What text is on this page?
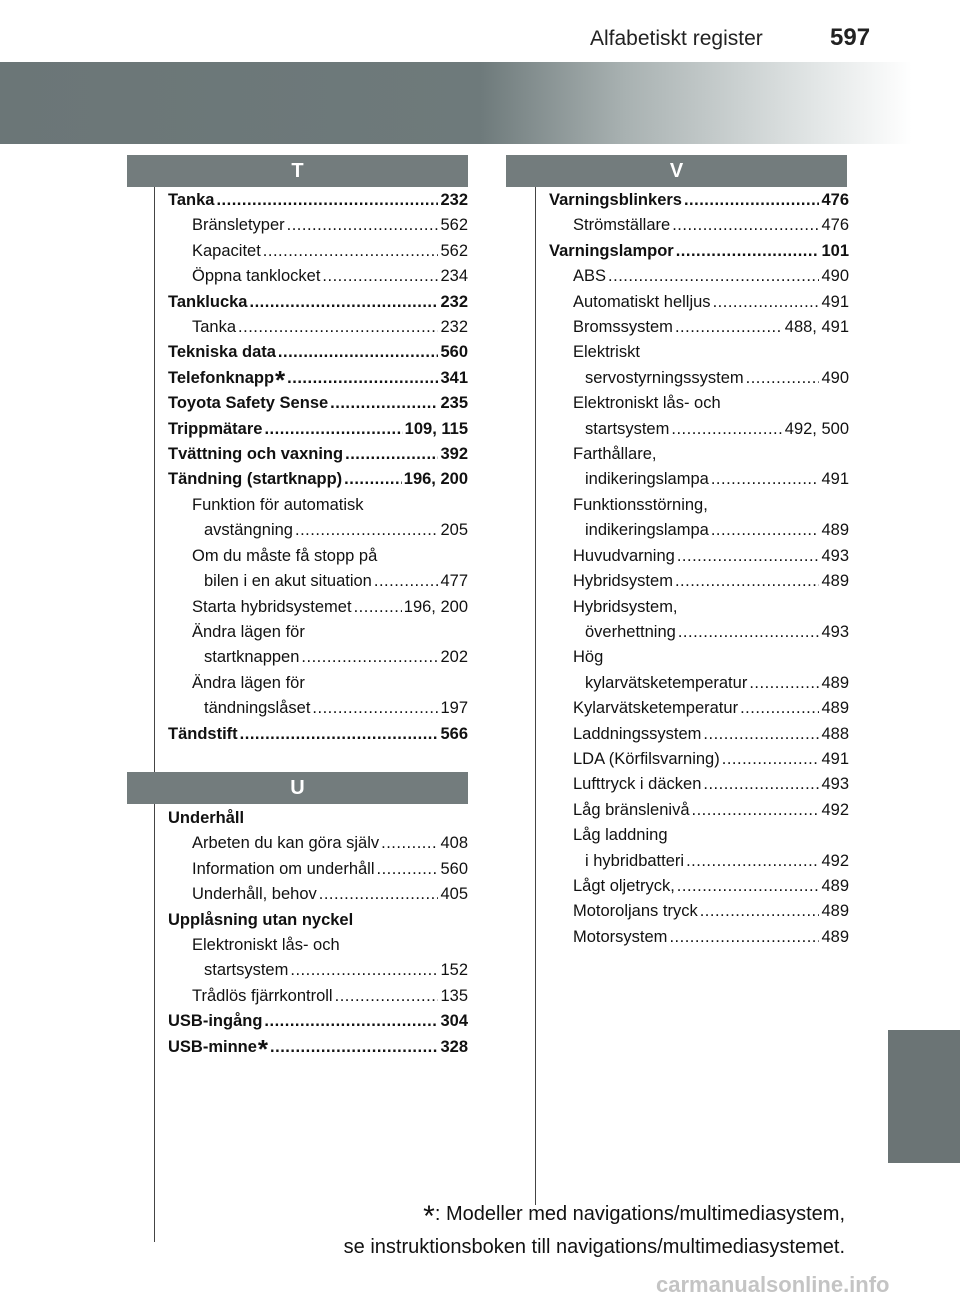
Alfabetiskt register	597
T
Tanka .....	232
Bränsletyper .....	562
Kapacitet .....	562
Öppna tanklocket .....	234
Tanklucka .....	232
Tanka .....	232
Tekniska data .....	560
Telefonknapp * .....	341
Toyota Safety Sense .....	235
Trippmätare .....	109, 115
Tvättning och vaxning .....	392
Tändning (startknapp) .....	196, 200
Funktion för automatisk
avstängning .....	205
Om du måste få stopp på
bilen i en akut situation .....	477
Starta hybridsystemet .....	196, 200
Ändra lägen för
startknappen .....	202
Ändra lägen för
tändningslåset .....	197
Tändstift .....	566
U
Underhåll
Arbeten du kan göra själv .....	408
Information om underhåll .....	560
Underhåll, behov .....	405
Upplåsning utan nyckel
Elektroniskt lås- och
startsystem .....	152
Trådlös fjärrkontroll .....	135
USB-ingång .....	304
USB-minne * .....	328
V
Varningsblinkers .....	476
Strömställare .....	476
Varningslampor .....	101
ABS .....	490
Automatiskt helljus .....	491
Bromssystem .....	488, 491
Elektriskt
servostyrningssystem .....	490
Elektroniskt lås- och
startsystem .....	492, 500
Farthållare,
indikeringslampa .....	491
Funktionsstörning,
indikeringslampa .....	489
Huvudvarning .....	493
Hybridsystem .....	489
Hybridsystem,
överhettning .....	493
Hög
kylarvätsketemperatur .....	489
Kylarvätsketemperatur .....	489
Laddningssystem .....	488
LDA (Körfilsvarning) .....	491
Lufttryck i däcken .....	493
Låg bränslenivå .....	492
Låg laddning
i hybridbatteri .....	492
Lågt oljetryck, .....	489
Motoroljans tryck .....	489
Motorsystem .....	489
*: Modeller med navigations/multimediasystem,
se instruktionsboken till navigations/multimediasystemet.
carmanualsonline.info
